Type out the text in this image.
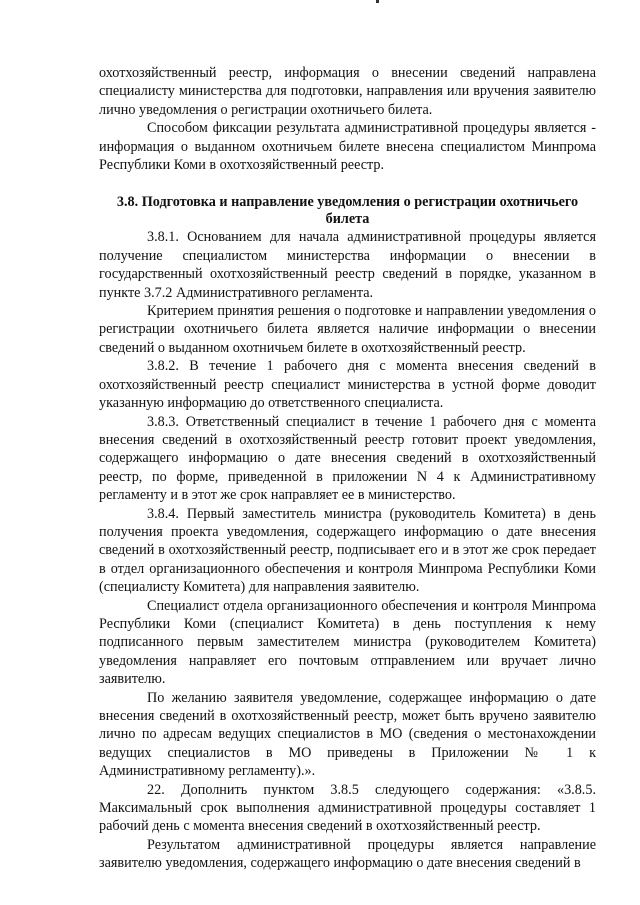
охотхозяйственный реестр, информация о внесении сведений направлена специалисту министерства для подготовки, направления или вручения заявителю лично уведомления о регистрации охотничьего билета.

Способом фиксации результата административной процедуры является - информация о выданном охотничьем билете внесена специалистом Минпрома Республики Коми в охотхозяйственный реестр.

3.8. Подготовка и направление уведомления о регистрации охотничьего билета

3.8.1. Основанием для начала административной процедуры является получение специалистом министерства информации о внесении в государственный охотхозяйственный реестр сведений в порядке, указанном в пункте 3.7.2 Административного регламента.

Критерием принятия решения о подготовке и направлении уведомления о регистрации охотничьего билета является наличие информации о внесении сведений о выданном охотничьем билете в охотхозяйственный реестр.

3.8.2. В течение 1 рабочего дня с момента внесения сведений в охотхозяйственный реестр специалист министерства в устной форме доводит указанную информацию до ответственного специалиста.

3.8.3. Ответственный специалист в течение 1 рабочего дня с момента внесения сведений в охотхозяйственный реестр готовит проект уведомления, содержащего информацию о дате внесения сведений в охотхозяйственный реестр, по форме, приведенной в приложении N 4 к Административному регламенту и в этот же срок направляет ее в министерство.

3.8.4. Первый заместитель министра (руководитель Комитета) в день получения проекта уведомления, содержащего информацию о дате внесения сведений в охотхозяйственный реестр, подписывает его и в этот же срок передает в отдел организационного обеспечения и контроля Минпрома Республики Коми (специалисту Комитета) для направления заявителю.

Специалист отдела организационного обеспечения и контроля Минпрома Республики Коми (специалист Комитета) в день поступления к нему подписанного первым заместителем министра (руководителем Комитета) уведомления направляет его почтовым отправлением или вручает лично заявителю.

По желанию заявителя уведомление, содержащее информацию о дате внесения сведений в охотхозяйственный реестр, может быть вручено заявителю лично по адресам ведущих специалистов в МО (сведения о местонахождении ведущих специалистов в МО приведены в Приложении № 1 к Административному регламенту).».

22. Дополнить пунктом 3.8.5 следующего содержания: «3.8.5. Максимальный срок выполнения административной процедуры составляет 1 рабочий день с момента внесения сведений в охотхозяйственный реестр.

Результатом административной процедуры является направление заявителю уведомления, содержащего информацию о дате внесения сведений в
